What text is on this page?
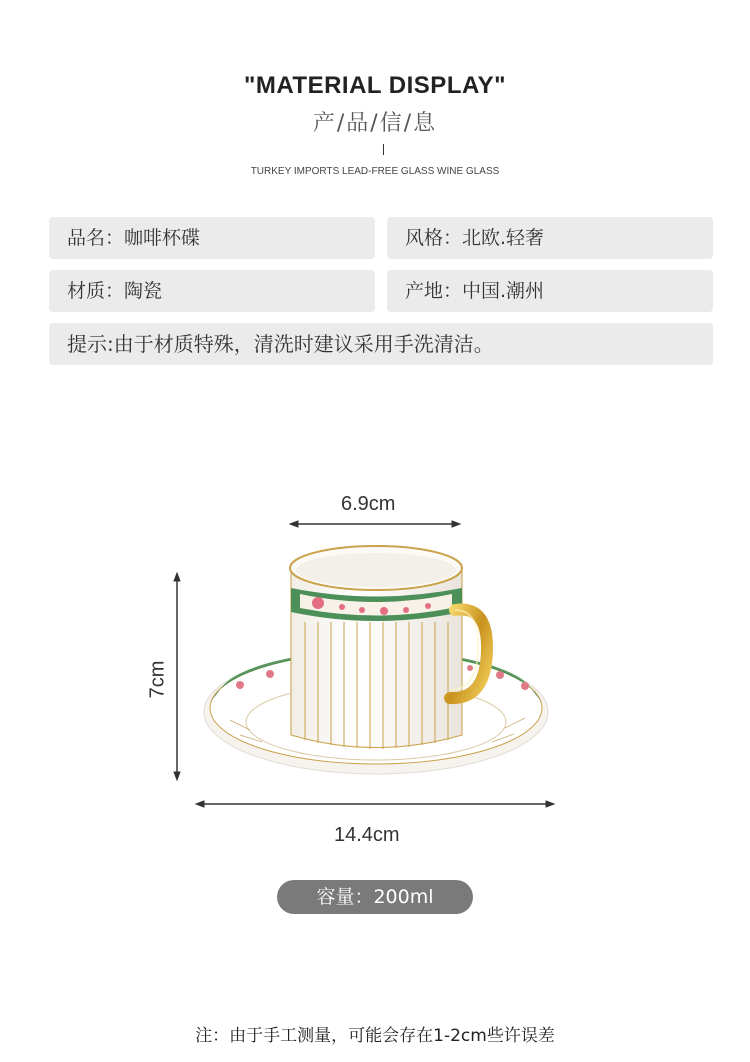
"MATERIAL DISPLAY"
产/品/信/息
TURKEY IMPORTS LEAD-FREE GLASS WINE GLASS
品名：咖啡杯碟	风格：北欧.轻奢
材质：陶瓷	产地：中国.潮州
提示:由于材质特殊，清洗时建议采用手洗清洁。
6.9cm
7cm
14.4cm
容量：200ml
注：由于手工测量，可能会存在1-2cm些许误差
